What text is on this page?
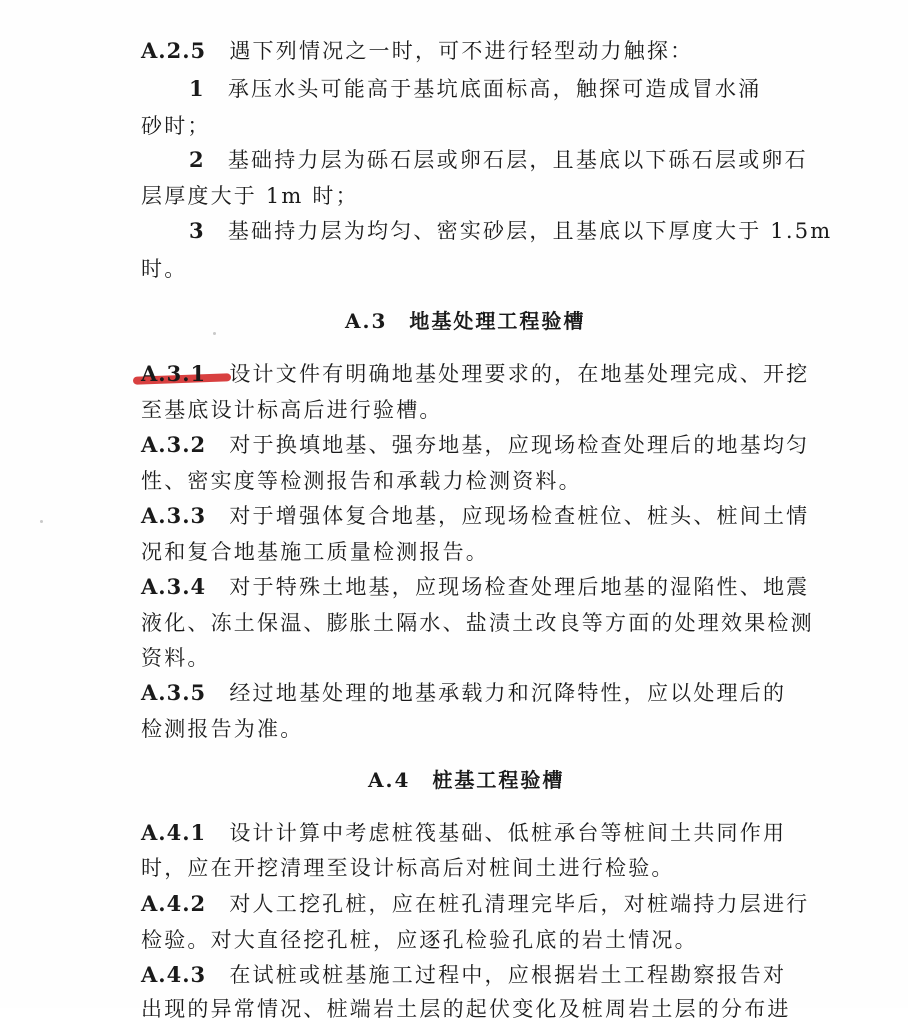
A.2.5　 遇下列情况之一时，可不进行轻型动力触探：
1　 承压水头可能高于基坑底面标高，触探可造成冒水涌
砂时；
2　 基础持力层为砾石层或卵石层，且基底以下砾石层或卵石
层厚度大于 1m 时；
3　 基础持力层为均匀、密实砂层，且基底以下厚度大于 1.5m
时。
A.3　地基处理工程验槽
A.3.1　 设计文件有明确地基处理要求的，在地基处理完成、开挖
至基底设计标高后进行验槽。
A.3.2　 对于换填地基、强夯地基，应现场检查处理后的地基均匀
性、密实度等检测报告和承载力检测资料。
A.3.3　 对于增强体复合地基，应现场检查桩位、桩头、桩间土情
况和复合地基施工质量检测报告。
A.3.4　 对于特殊土地基，应现场检查处理后地基的湿陷性、地震
液化、冻土保温、膨胀土隔水、盐渍土改良等方面的处理效果检测
资料。
A.3.5　 经过地基处理的地基承载力和沉降特性，应以处理后的
检测报告为准。
A.4　桩基工程验槽
A.4.1　 设计计算中考虑桩筏基础、低桩承台等桩间土共同作用
时，应在开挖清理至设计标高后对桩间土进行检验。
A.4.2　 对人工挖孔桩，应在桩孔清理完毕后，对桩端持力层进行
检验。对大直径挖孔桩，应逐孔检验孔底的岩土情况。
A.4.3　 在试桩或桩基施工过程中，应根据岩土工程勘察报告对
出现的异常情况、桩端岩土层的起伏变化及桩周岩土层的分布进
